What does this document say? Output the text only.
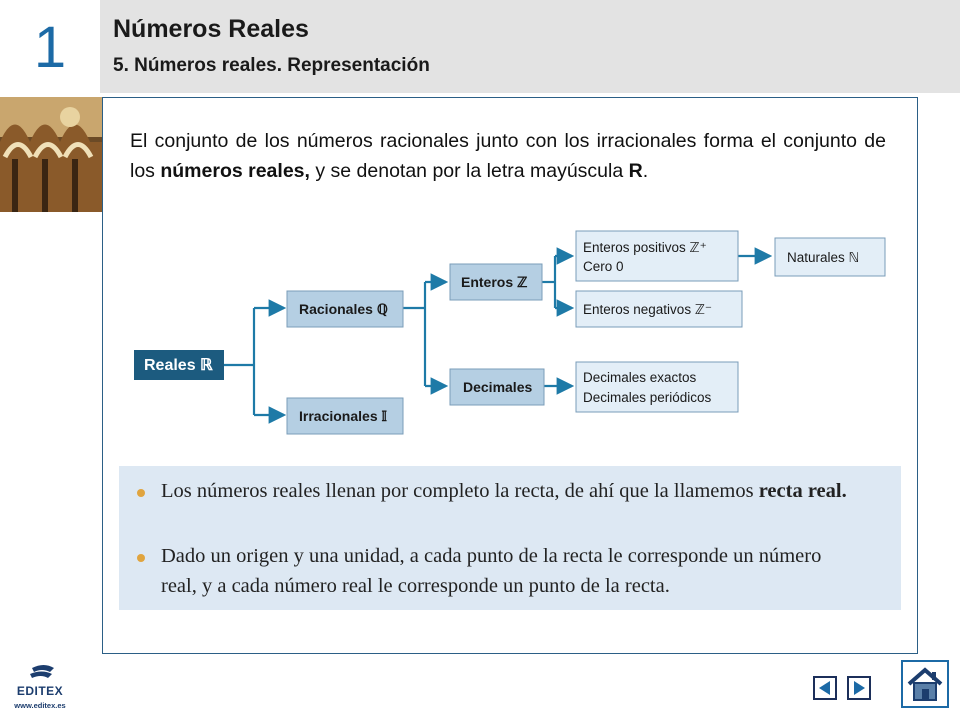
1	Números Reales
5. Números reales. Representación
El conjunto de los números racionales junto con los irracionales forma el conjunto de los números reales, y se denotan por la letra mayúscula R.
Reales ℝ
Racionales ℚ
Irracionales 𝕀
Enteros ℤ
Decimales
Enteros positivos ℤ⁺
Cero 0
Enteros negativos ℤ⁻
Naturales ℕ
Decimales exactos
Decimales periódicos
Los números reales llenan por completo la recta, de ahí que la llamemos recta real.
Dado un origen y una unidad, a cada punto de la recta le corresponde un número real, y a cada número real le corresponde un punto de la recta.
EDITEX
www.editex.es
